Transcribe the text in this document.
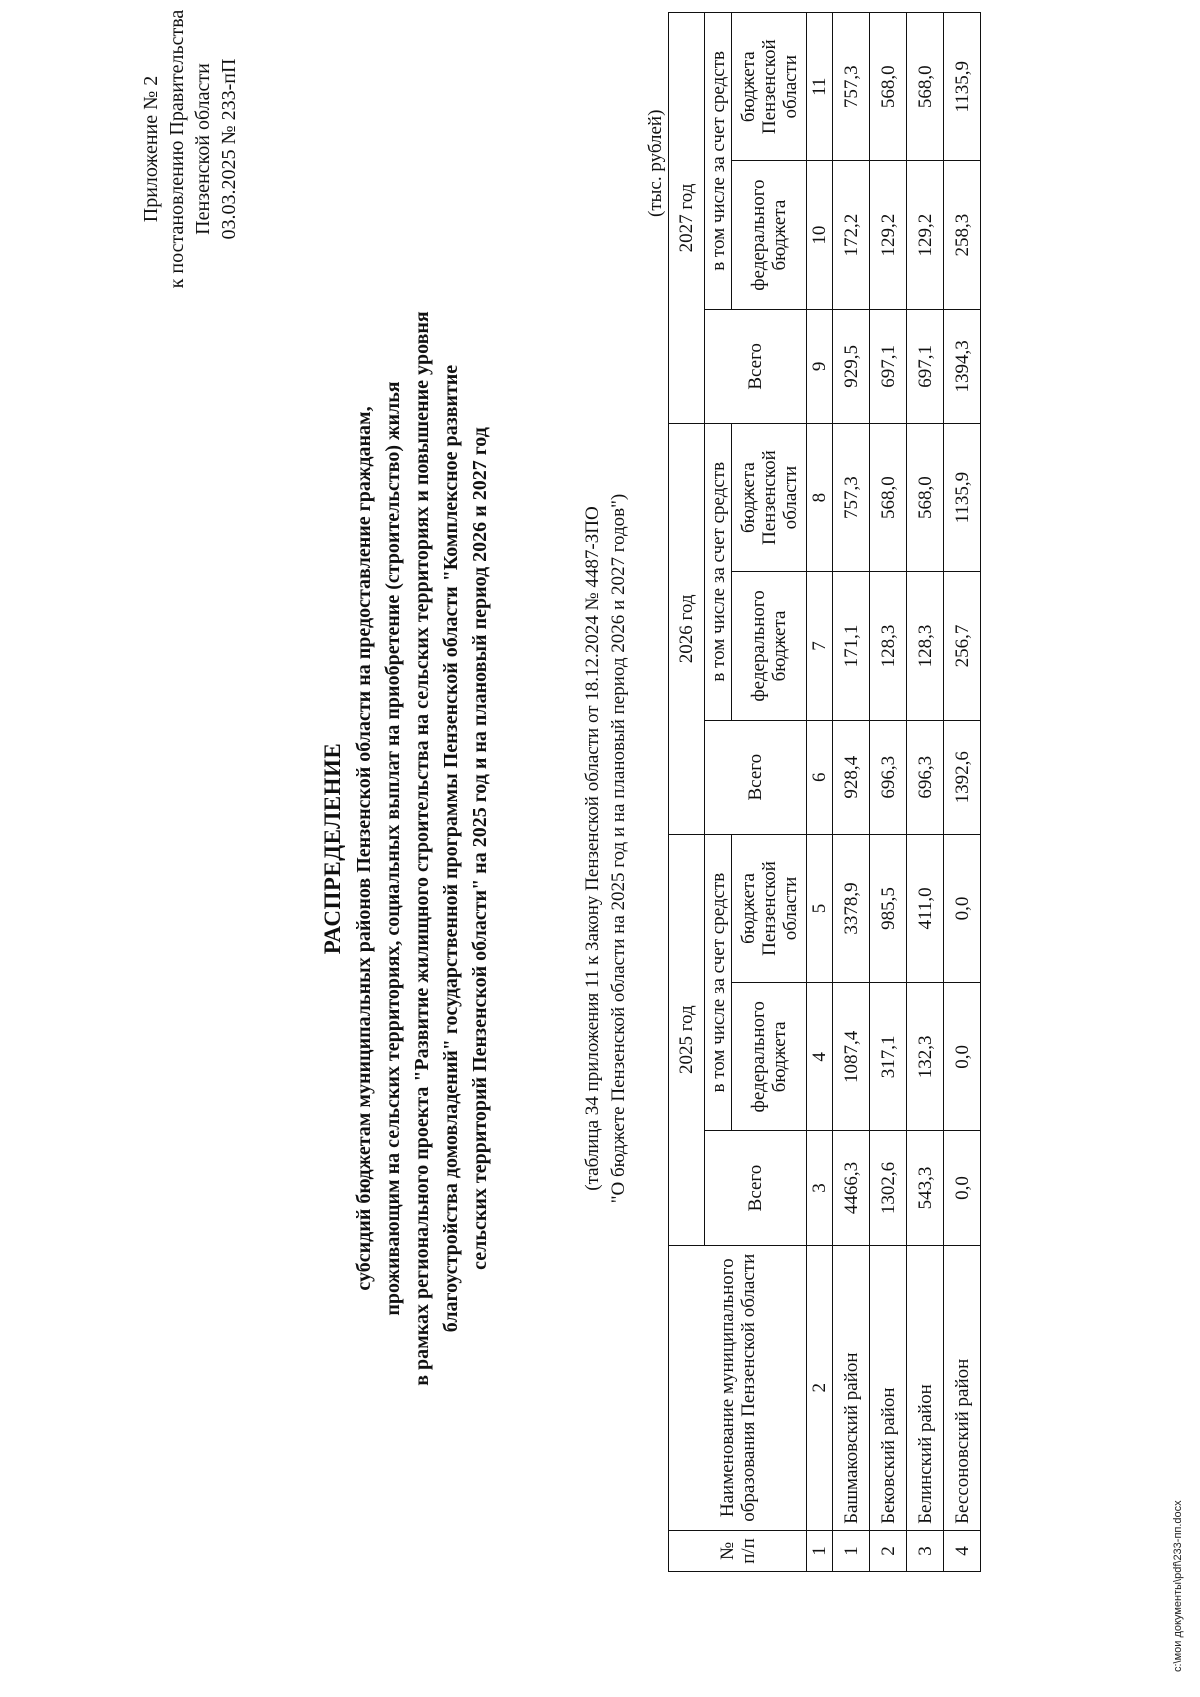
Приложение № 2 к постановлению Правительства Пензенской области 03.03.2025 № 233-пП
РАСПРЕДЕЛЕНИЕ субсидий бюджетам муниципальных районов Пензенской области на предоставление гражданам, проживающим на сельских территориях, социальных выплат на приобретение (строительство) жилья в рамках регионального проекта "Развитие жилищного строительства на сельских территориях и повышение уровня благоустройства домовладений" государственной программы Пензенской области "Комплексное развитие сельских территорий Пензенской области" на 2025 год и на плановый период 2026 и 2027 год	(таблица 34 приложения 11 к Закону Пензенской области от 18.12.2024 № 4487-ЗПО "О бюджете Пензенской области на 2025 год и на плановый период 2026 и 2027 годов")
(тыс. рублей)
№ п/п	Наименование муниципального образования Пензенской области	2025 год			2026 год			2027 год		
		Всего	в том числе за счет средств		Всего	в том числе за счет средств		Всего	в том числе за счет средств	
			федерального бюджета	бюджета Пензенской области		федерального бюджета	бюджета Пензенской области		федерального бюджета	бюджета Пензенской области
1	2	3	4	5	6	7	8	9	10	11
1	Башмаковский район	4466,3	1087,4	3378,9	928,4	171,1	757,3	929,5	172,2	757,3
2	Бековский район	1302,6	317,1	985,5	696,3	128,3	568,0	697,1	129,2	568,0
3	Белинский район	543,3	132,3	411,0	696,3	128,3	568,0	697,1	129,2	568,0
4	Бессоновский район	0,0	0,0	0,0	1392,6	256,7	1135,9	1394,3	258,3	1135,9
c:\мои документы\pdf\233-пп.docx
